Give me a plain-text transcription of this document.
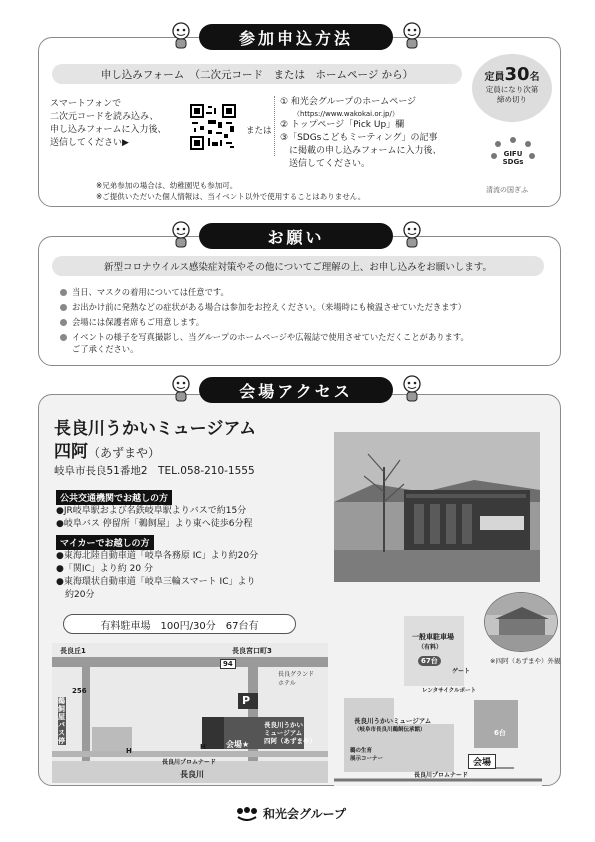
参加申込方法
申し込みフォーム　（二次元コード　または　ホームページ から）
スマートフォンで
二次元コードを読み込み、
申し込みフォームに入力後、
送信してください▶
または
① 和光会グループのホームページ
（https://www.wakokai.or.jp/）
② トップページ「Pick Up」欄
③「SDGsこどもミーティング」の記事
　に掲載の申し込みフォームに入力後、
　送信してください。
定員30名
定員になり次第
締め切り
GIFU
SDGs
清流の国ぎふ
※兄弟参加の場合は、幼稚園児も参加可。
※ご提供いただいた個人情報は、当イベント以外で使用することはありません。
お願い
新型コロナウイルス感染症対策やその他についてご理解の上、お申し込みをお願いします。
当日、マスクの着用については任意です。
お出かけ前に発熱などの症状がある場合は参加をお控えください。（来場時にも検温させていただきます）
会場には保護者席もご用意します。
イベントの様子を写真撮影し、当グループのホームページや広報誌で使用させていただくことがあります。
ご了承ください。
会場アクセス
長良川うかいミュージアム
四阿（あずまや）
岐阜市長良51番地2　TEL.058-210-1555
公共交通機関でお越しの方
●JR岐阜駅および名鉄岐阜駅よりバスで約15分
●岐阜バス 停留所「鵜飼屋」より東へ徒歩6分程
マイカーでお越しの方
●東海北陸自動車道「岐阜各務原 IC」より約20分
●「関IC」より約 20 分
●東海環状自動車道「岐阜三輪スマート IC」より
　約20分
有料駐車場　100円/30分　67台有
長良丘1	長良宮口町3
94
256
長良グランド
ホテル
鵜飼屋バス停
P
会場★
長良川うかい
ミュージアム
四阿（あずまや）
長良川プロムナード
長良川
H	H
一般車駐車場
（有料）
67台
ゲート
レンタサイクルポート
長良川うかいミュージアム
（岐阜市長良川鵜飼伝承館）
鵜の生育
展示コーナー
6台
会場
長良川プロムナード
※四阿（あずまや）外観
和光会グループ
